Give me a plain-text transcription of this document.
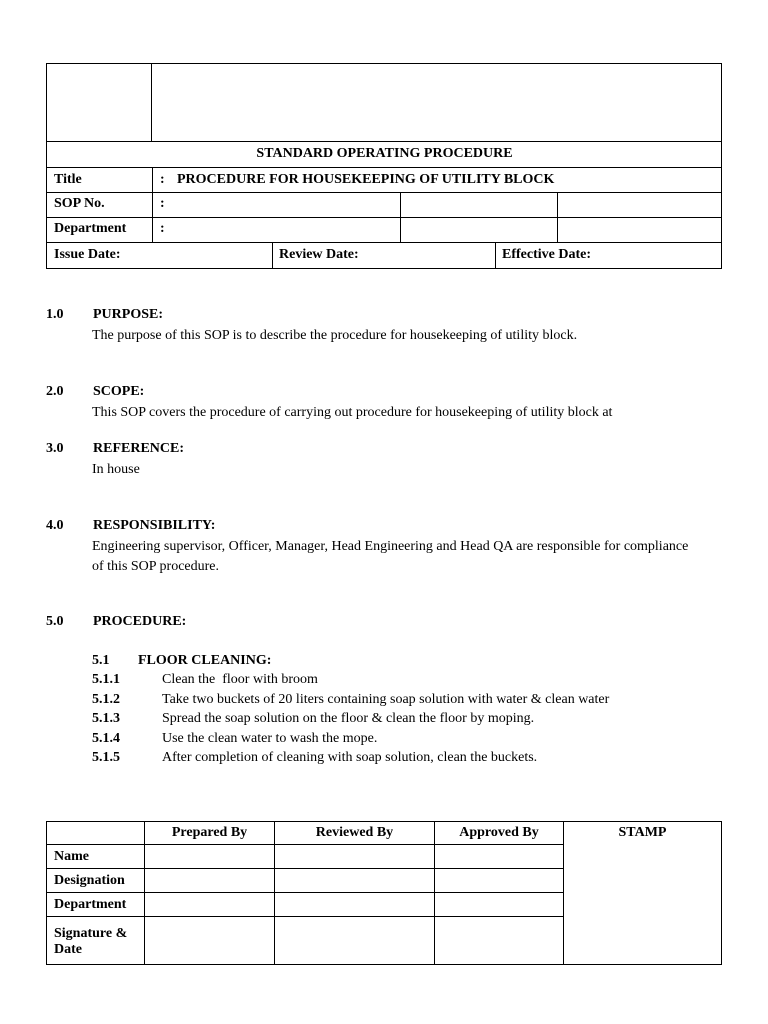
STANDARD OPERATING PROCEDURE
Title	: PROCEDURE FOR HOUSEKEEPING OF UTILITY BLOCK
SOP No.	:
Department :
Issue Date:	Review Date:	Effective Date:
1.0 PURPOSE:
The purpose of this SOP is to describe the procedure for housekeeping of utility block.
2.0 SCOPE:
This SOP covers the procedure of carrying out procedure for housekeeping of utility block at
3.0 REFERENCE:
In house
4.0 RESPONSIBILITY:
Engineering supervisor, Officer, Manager, Head Engineering and Head QA are responsible for compliance of this SOP procedure.
5.0 PROCEDURE:
5.1 FLOOR CLEANING:
5.1.1	Clean the  floor with broom
5.1.2	Take two buckets of 20 liters containing soap solution with water & clean water
5.1.3	Spread the soap solution on the floor & clean the floor by moping.
5.1.4	Use the clean water to wash the mope.
5.1.5	After completion of cleaning with soap solution, clean the buckets.
Prepared By	Reviewed By	Approved By	STAMP
Name
Designation
Department
Signature & Date
